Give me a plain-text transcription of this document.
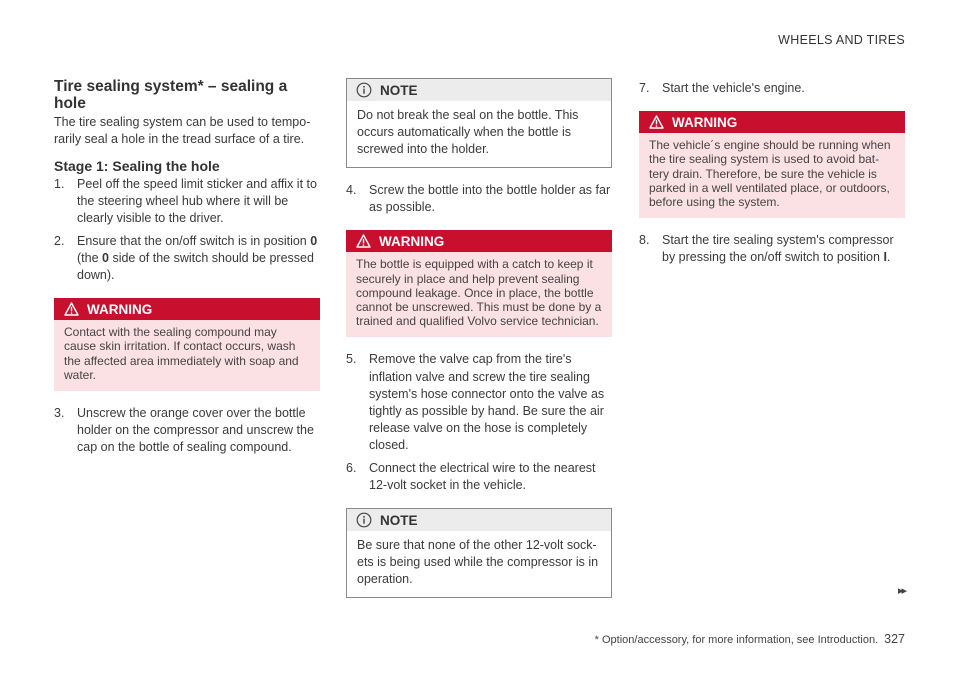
WHEELS AND TIRES
Tire sealing system* – sealing a hole

The tire sealing system can be used to tempo-rarily seal a hole in the tread surface of a tire.

Stage 1: Sealing the hole
1. Peel off the speed limit sticker and affix it to the steering wheel hub where it will be clearly visible to the driver.
2. Ensure that the on/off switch is in position 0 (the 0 side of the switch should be pressed down).
WARNING
Contact with the sealing compound may cause skin irritation. If contact occurs, wash the affected area immediately with soap and water.
3. Unscrew the orange cover over the bottle holder on the compressor and unscrew the cap on the bottle of sealing compound.
NOTE
Do not break the seal on the bottle. This occurs automatically when the bottle is screwed into the holder.
4. Screw the bottle into the bottle holder as far as possible.
WARNING
The bottle is equipped with a catch to keep it securely in place and help prevent sealing compound leakage. Once in place, the bottle cannot be unscrewed. This must be done by a trained and qualified Volvo service technician.
5. Remove the valve cap from the tire's inflation valve and screw the tire sealing system's hose connector onto the valve as tightly as possible by hand. Be sure the air release valve on the hose is completely closed.
6. Connect the electrical wire to the nearest 12-volt socket in the vehicle.
NOTE
Be sure that none of the other 12-volt sock-ets is being used while the compressor is in operation.
7. Start the vehicle's engine.
WARNING
The vehicle´s engine should be running when the tire sealing system is used to avoid bat-tery drain. Therefore, be sure the vehicle is parked in a well ventilated place, or outdoors, before using the system.
8. Start the tire sealing system's compressor by pressing the on/off switch to position I.
▸▸
* Option/accessory, for more information, see Introduction. 327
